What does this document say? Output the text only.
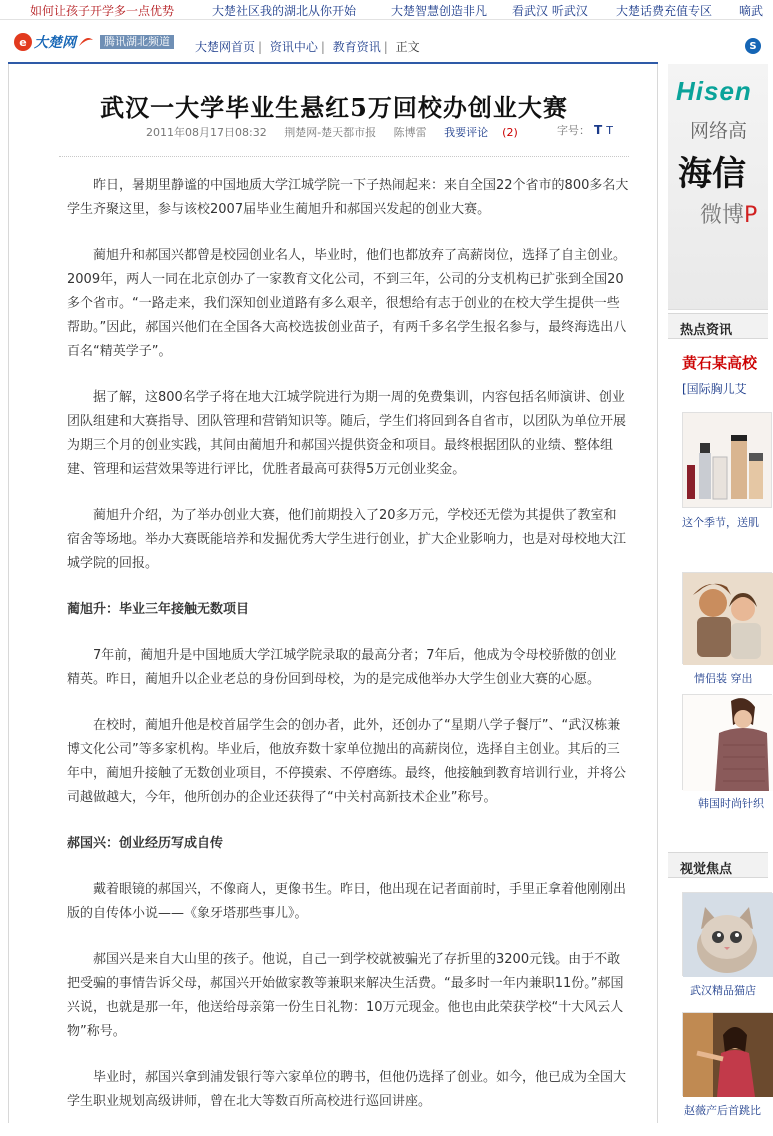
如何让孩子开学多一点优势	大楚社区我的湖北从你开始	大楚智慧创造非凡 看武汉 听武汉 大楚话费充值专区 嘀武
e 大楚网	腾讯湖北频道	大楚网首页 | 资讯中心 | 教育资讯 | 正文	S
武汉一大学毕业生悬红5万回校办创业大赛
2011年08月17日08:32 荆楚网-楚天都市报 陈博雷 我要评论 (2)	字号： T T

昨日，暑期里静谧的中国地质大学江城学院一下子热闹起来：来自全国22个省市的800多名大学生齐聚这里，参与该校2007届毕业生蔺旭升和郝国兴发起的创业大赛。

蔺旭升和郝国兴都曾是校园创业名人，毕业时，他们也都放弃了高薪岗位，选择了自主创业。2009年，两人一同在北京创办了一家教育文化公司，不到三年，公司的分支机构已扩张到全国20多个省市。“一路走来，我们深知创业道路有多么艰辛，很想给有志于创业的在校大学生提供一些帮助。”因此，郝国兴他们在全国各大高校选拔创业苗子，有两千多名学生报名参与，最终海选出八百名“精英学子”。

据了解，这800名学子将在地大江城学院进行为期一周的免费集训，内容包括名师演讲、创业团队组建和大赛指导、团队管理和营销知识等。随后，学生们将回到各自省市，以团队为单位开展为期三个月的创业实践，其间由蔺旭升和郝国兴提供资金和项目。最终根据团队的业绩、整体组建、管理和运营效果等进行评比，优胜者最高可获得5万元创业奖金。

蔺旭升介绍，为了举办创业大赛，他们前期投入了20多万元，学校还无偿为其提供了教室和宿舍等场地。举办大赛既能培养和发掘优秀大学生进行创业，扩大企业影响力，也是对母校地大江城学院的回报。

蔺旭升：毕业三年接触无数项目

7年前，蔺旭升是中国地质大学江城学院录取的最高分者；7年后，他成为令母校骄傲的创业精英。昨日，蔺旭升以企业老总的身份回到母校，为的是完成他举办大学生创业大赛的心愿。

在校时，蔺旭升他是校首届学生会的创办者，此外，还创办了“星期八学子餐厅”、“武汉栋兼博文化公司”等多家机构。毕业后，他放弃数十家单位抛出的高薪岗位，选择自主创业。其后的三年中，蔺旭升接触了无数创业项目，不停摸索、不停磨练。最终，他接触到教育培训行业，并将公司越做越大，今年，他所创办的企业还获得了“中关村高新技术企业”称号。

郝国兴：创业经历写成自传

戴着眼镜的郝国兴，不像商人，更像书生。昨日，他出现在记者面前时，手里正拿着他刚刚出版的自传体小说——《象牙塔那些事儿》。

郝国兴是来自大山里的孩子。他说，自己一到学校就被骗光了存折里的3200元钱。由于不敢把受骗的事情告诉父母，郝国兴开始做家教等兼职来解决生活费。“最多时一年内兼职11份。”郝国兴说，也就是那一年，他送给母亲第一份生日礼物：10万元现金。他也由此荣获学校“十大风云人物”称号。

毕业时，郝国兴拿到浦发银行等六家单位的聘书，但他仍选择了创业。如今，他已成为全国大学生职业规划高级讲师，曾在北大等数百所高校进行巡回讲座。

Hisen
网络高
海信
微博P
热点资讯
黄石某高校
[国际胸儿艾
这个季节，送肌
情侣装 穿出
韩国时尚针织
视觉焦点
武汉精品猫店
赵薇产后首跳比
